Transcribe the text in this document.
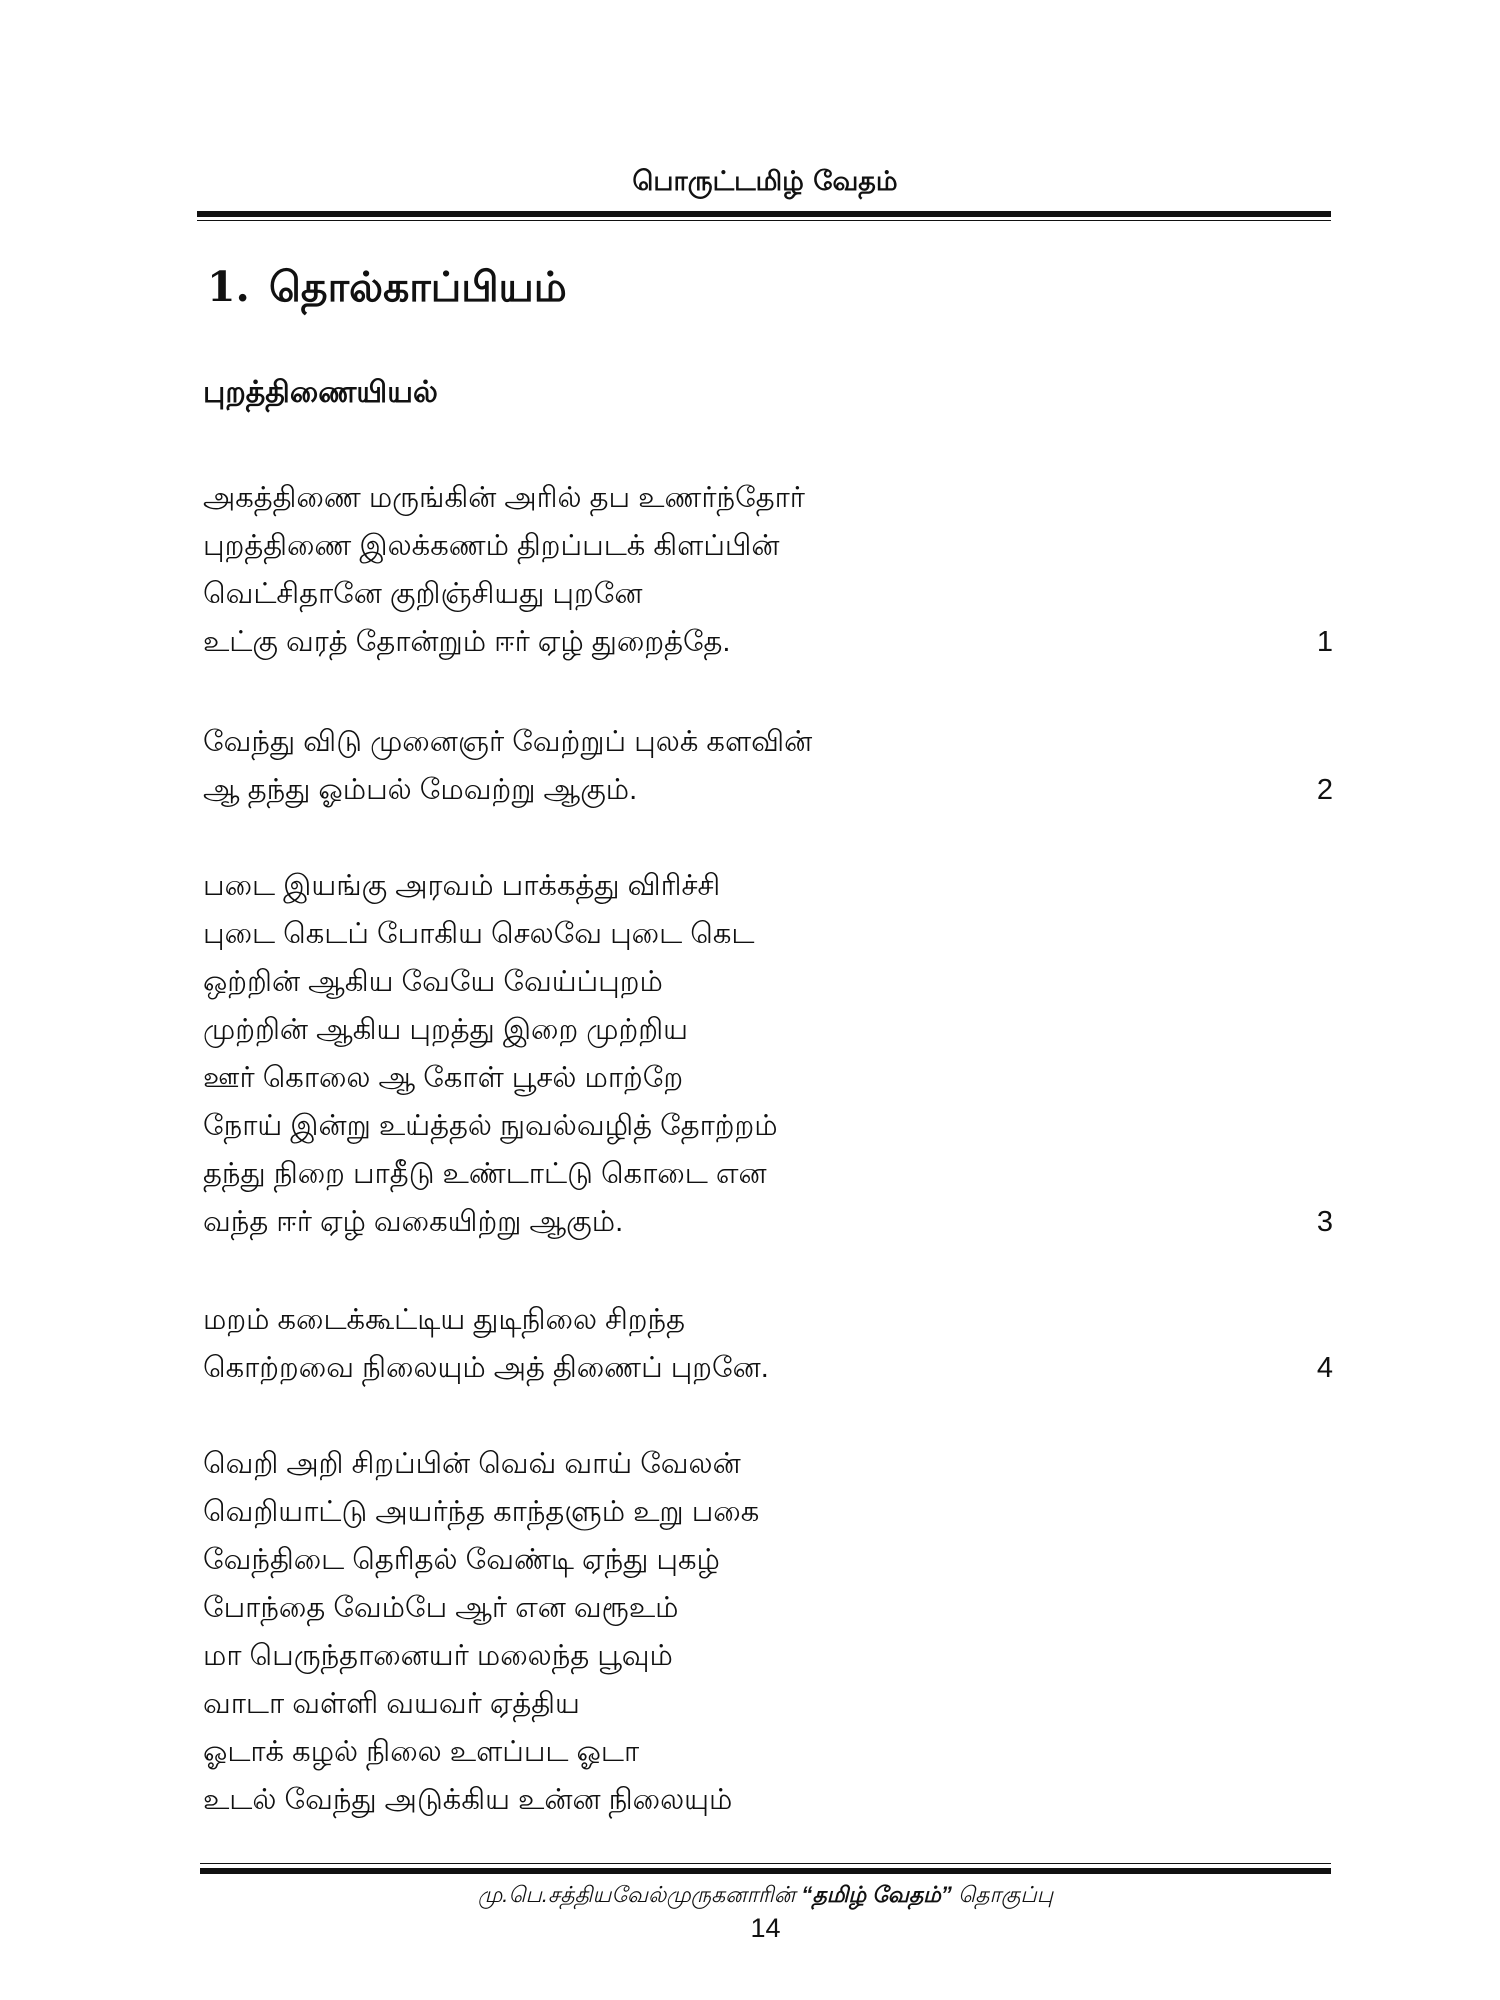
பொருட்டமிழ் வேதம்
1. தொல்காப்பியம்
புறத்திணையியல்
அகத்திணை மருங்கின் அரில் தப உணர்ந்தோர்
புறத்திணை இலக்கணம் திறப்படக் கிளப்பின்
வெட்சிதானே குறிஞ்சியது புறனே
உட்கு வரத் தோன்றும் ஈர் ஏழ் துறைத்தே.	1
வேந்து விடு முனைஞர் வேற்றுப் புலக் களவின்
ஆ தந்து ஓம்பல் மேவற்று ஆகும்.	2
படை இயங்கு அரவம் பாக்கத்து விரிச்சி
புடை கெடப் போகிய செலவே புடை கெட
ஒற்றின் ஆகிய வேயே வேய்ப்புறம்
முற்றின் ஆகிய புறத்து இறை முற்றிய
ஊர் கொலை ஆ கோள் பூசல் மாற்றே
நோய் இன்று உய்த்தல் நுவல்வழித் தோற்றம்
தந்து நிறை பாதீடு உண்டாட்டு கொடை என
வந்த ஈர் ஏழ் வகையிற்று ஆகும்.	3
மறம் கடைக்கூட்டிய துடிநிலை சிறந்த
கொற்றவை நிலையும் அத் திணைப் புறனே.	4
வெறி அறி சிறப்பின் வெவ் வாய் வேலன்
வெறியாட்டு அயர்ந்த காந்தளும் உறு பகை
வேந்திடை தெரிதல் வேண்டி ஏந்து புகழ்
போந்தை வேம்பே ஆர் என வரூஉம்
மா பெருந்தானையர் மலைந்த பூவும்
வாடா வள்ளி வயவர் ஏத்திய
ஓடாக் கழல் நிலை உளப்பட ஓடா
உடல் வேந்து அடுக்கிய உன்ன நிலையும்
மு.பெ.சத்தியவேல்முருகனாரின் “தமிழ் வேதம்” தொகுப்பு
14
